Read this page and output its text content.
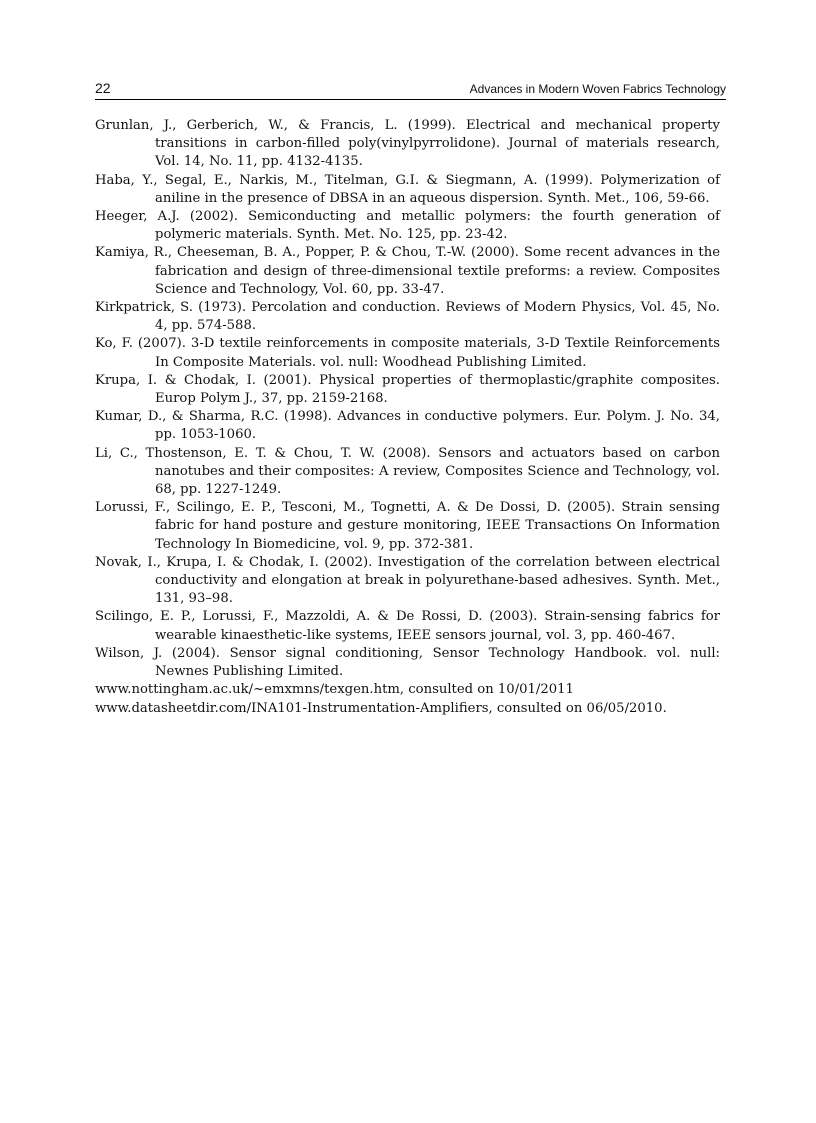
22	Advances in Modern Woven Fabrics Technology

Grunlan, J., Gerberich, W., & Francis, L. (1999). Electrical and mechanical property transitions in carbon-filled poly(vinylpyrrolidone). Journal of materials research, Vol. 14, No. 11, pp. 4132-4135.

Haba, Y., Segal, E., Narkis, M., Titelman, G.I. & Siegmann, A. (1999). Polymerization of aniline in the presence of DBSA in an aqueous dispersion. Synth. Met., 106, 59-66.

Heeger, A.J. (2002). Semiconducting and metallic polymers: the fourth generation of polymeric materials. Synth. Met. No. 125, pp. 23-42.

Kamiya, R., Cheeseman, B. A., Popper, P. & Chou, T.-W. (2000). Some recent advances in the fabrication and design of three-dimensional textile preforms: a review. Composites Science and Technology, Vol. 60, pp. 33-47.

Kirkpatrick, S. (1973). Percolation and conduction. Reviews of Modern Physics, Vol. 45, No. 4, pp. 574-588.

Ko, F. (2007). 3-D textile reinforcements in composite materials, 3-D Textile Reinforcements In Composite Materials. vol. null: Woodhead Publishing Limited.

Krupa, I. & Chodak, I. (2001). Physical properties of thermoplastic/graphite composites. Europ Polym J., 37, pp. 2159-2168.

Kumar, D., & Sharma, R.C. (1998). Advances in conductive polymers. Eur. Polym. J. No. 34, pp. 1053-1060.

Li, C., Thostenson, E. T. & Chou, T. W. (2008). Sensors and actuators based on carbon nanotubes and their composites: A review, Composites Science and Technology, vol. 68, pp. 1227-1249.

Lorussi, F., Scilingo, E. P., Tesconi, M., Tognetti, A. & De Dossi, D. (2005). Strain sensing fabric for hand posture and gesture monitoring, IEEE Transactions On Information Technology In Biomedicine, vol. 9, pp. 372-381.

Novak, I., Krupa, I. & Chodak, I. (2002). Investigation of the correlation between electrical conductivity and elongation at break in polyurethane-based adhesives. Synth. Met., 131, 93–98.

Scilingo, E. P., Lorussi, F., Mazzoldi, A. & De Rossi, D. (2003). Strain-sensing fabrics for wearable kinaesthetic-like systems, IEEE sensors journal, vol. 3, pp. 460-467.

Wilson, J. (2004). Sensor signal conditioning, Sensor Technology Handbook. vol. null: Newnes Publishing Limited.

www.nottingham.ac.uk/~emxmns/texgen.htm, consulted on 10/01/2011

www.datasheetdir.com/INA101-Instrumentation-Amplifiers, consulted on 06/05/2010.
